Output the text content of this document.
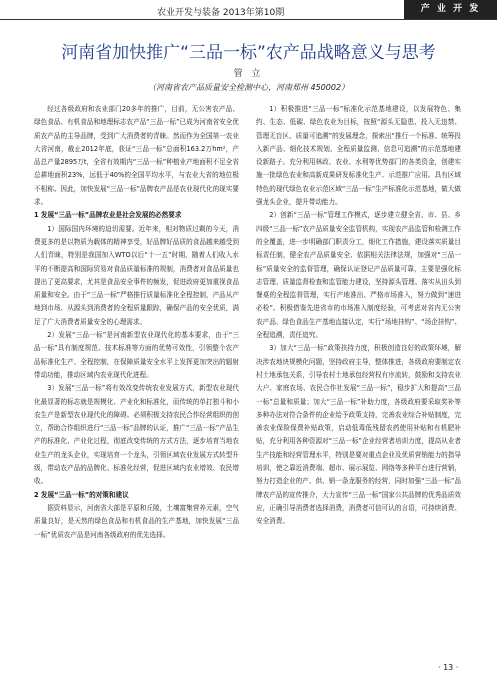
农业开发与装备 2013年第10期	产 业 开 发
河南省加快推广“三品一标”农产品战略意义与思考
管 立
（河南省农产品质量安全检测中心，河南郑州 450002）

经过各级政府和农业部门20多年的推广，目前，无公害农产品、绿色食品、有机食品和地理标志农产品“三品一标”已成为河南省安全优质农产品的主导品牌，受到广大消费者的青睐。然而作为全国第一农业大省河南，截止2012年底，获证“三品一标”总面积163.2万hm²，产品总产量2895万t，全省有效期内“三品一标”种植业产地面积不足全省总耕地面积23%，远低于40%的全国平均水平，与农业大省的地位极不相称。因此，加快发展“三品一标”品牌农产品是农业现代化的现实要求。

1 发展“三品一标”品牌农业是社会发展的必然要求

1）国际国内环境的迫切需要。近年来，相对物质过剩的今天，消费更多的是以物质为载体的精神享受，好品牌好品质的食品越来越受到人们青睐，特别是我国加入WTO以后“十一五”时期，随着人们收入水平的不断提高和国际贸易对食品质量标准的规制，消费者对食品质量也提出了更高要求，尤其是食品安全事件的频发，促进政府更加重视食品质量和安全。由于“三品一标”严格推行质量标准化全程控制，产品从产地到市场、从源头到消费者的全程质量跟踪，确保产品的安全优质，满足了广大消费者质量安全的心理需求。

2）发展“三品一标”是河南新型农业现代化的基本要求，由于“三品一标”具有制度规范、技术标准等方面的优势可效性，引领整个农产品标准化生产、全程控制，在保障质量安全水平上发挥更加突出的辐射带动功能，推动区域内农业现代化进程。

3）发展“三品一标”将有效改变传统农业发展方式，新型农业现代化最显著的标志就是规模化、产业化和标准化，而传统的单打独斗和小农生产是新型农业现代化的障碍。必须积极支持农民合作经营组织的创立，帮助合作组织进行“三品一标”品牌的认证，推广“三品一标”产品生产的标准化、产业化过程，彻底改变传统的方式方法，逐步培育当地农业生产的龙头企业，实现培育一个龙头，引领区域农业发展方式转型升级，带动农产品的品牌化、标准化经营，促进区域内农业增效、农民增收。

2 发展“三品一标”的对策和建议

据资料显示，河南省大部是平原和丘陵，土壤富集营养元素，空气质量良好，是天然的绿色食品和有机食品的生产基地，加快发展“三品一标”优质农产品是河南各级政府的优先选择。

1）积极推进“三品一标”标准化示范基地建设，以发展特色、集约、生态、低碳、绿色农业为目标，按照“源头无隐患、投入无违禁、管理无盲区、质量可追溯”的发展理念，探索出“推行一个标准、统筹投入新产品、细化技术规划、全程质量监测、信息可追溯”的示范基地建设新路子。充分利用林政、农业、水利等优势部门的各类资金，创建实施一批绿色农业和高新成果研发标准化生产、示范推广应用。具有区域特色的现代绿色农业示范区域“三品一标”生产标准化示范基地，做大做强龙头企业，提升带动能力。

2）创新“三品一标”管理工作模式，逐步建立健全省、市、县、乡四级“三品一标”农产品质量安全监管机构，实现农产品监管和检测工作的全覆盖，进一步明确部门职责分工，细化工作措施，建设落实质量目标责任制，健全农产品质量安全、依据相关法律法规，加强对“三品一标”质量安全的监督管理，确保认证登记产品质量可靠，主要是强化标志管理、质量监督检查和监管能力建设，坚持源头管理、落实从田头到餐桌的全程监督管理，实行产地准出、严格市场准入，努力做到“速进必检”。积极借鉴先进省市的市场准入制度经验，可考虑对省内无公害农产品、绿色食品生产基地直接认定，实行“场地挂钩”、“场企挂钩”、全程追溯，责任追究。

3）加大“三品一标”政策扶持力度，积极创造良好的政策环境，解决涉农地块规模化问题，坚持政府主导，整体推进，各级政府要制定农村土地承包关系，引导农村土地承包经营权有序流转，鼓励和支持农业大户、家庭农场、农民合作社发展“三品一标”，稳步扩大和提高“三品一标”总量和质量；加大“三品一标”补助力度，各级政府要采取奖补等多种办法对符合条件的企业给予政策支持，完善农业综合补贴制度，完善农业保险保费补贴政策，启动低毒低残留农药使用补贴和有机肥补贴，充分利用各种资源对“三品一标”企业经营者培训力度，提高从业者生产技能和经营管理水平，特别是要对重点企业及优质营销能力的指导培训，使之靠近消费端、超市、展示展览、网络等多种平台进行营销，努力打造企业的产、供、销一条龙服务的经营，同时加强“三品一标”品牌农产品的宣传推介，大力宣传“三品一标”国家公共品牌的优秀品质效应，正确引导消费者选择消费，消费者可信可认的言语，可持续消费、安全消费。

· 13 ·
